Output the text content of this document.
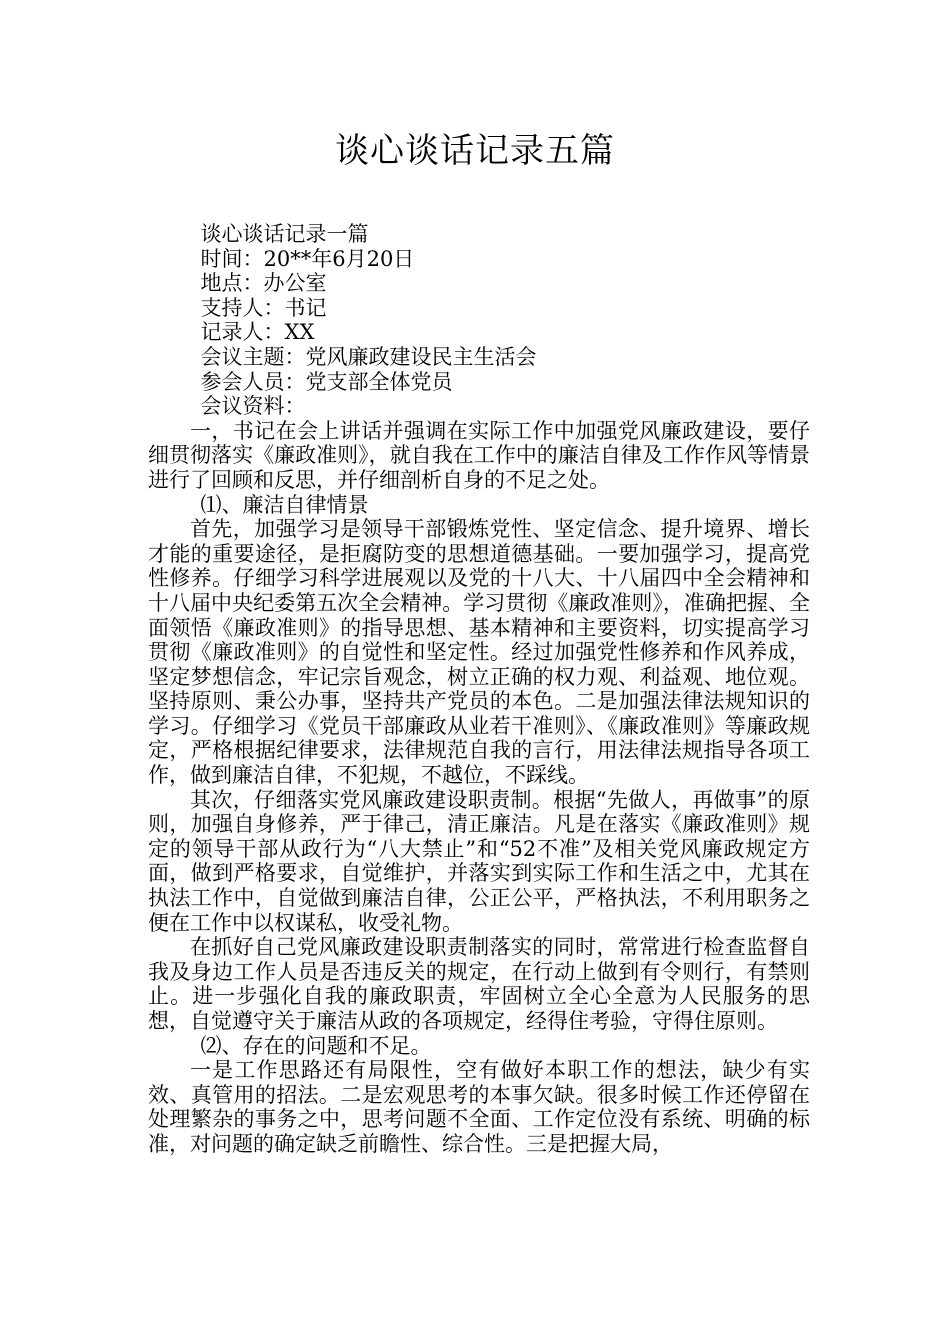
谈心谈话记录五篇

谈心谈话记录一篇

时间：20**年6月20日

地点：办公室

支持人：书记

记录人：XX

会议主题：党风廉政建设民主生活会

参会人员：党支部全体党员

会议资料：

一，书记在会上讲话并强调在实际工作中加强党风廉政建设，要仔细贯彻落实《廉政准则》，就自我在工作中的廉洁自律及工作作风等情景进行了回顾和反思，并仔细剖析自身的不足之处。

⑴、廉洁自律情景

首先，加强学习是领导干部锻炼党性、坚定信念、提升境界、增长才能的重要途径，是拒腐防变的思想道德基础。一要加强学习，提高党性修养。仔细学习科学进展观以及党的十八大、十八届四中全会精神和十八届中央纪委第五次全会精神。学习贯彻《廉政准则》，准确把握、全面领悟《廉政准则》的指导思想、基本精神和主要资料，切实提高学习贯彻《廉政准则》的自觉性和坚定性。经过加强党性修养和作风养成，坚定梦想信念，牢记宗旨观念，树立正确的权力观、利益观、地位观。坚持原则、秉公办事，坚持共产党员的本色。二是加强法律法规知识的学习。仔细学习《党员干部廉政从业若干准则》、《廉政准则》等廉政规定，严格根据纪律要求，法律规范自我的言行，用法律法规指导各项工作，做到廉洁自律，不犯规，不越位，不踩线。

其次，仔细落实党风廉政建设职责制。根据“先做人，再做事”的原则，加强自身修养，严于律己，清正廉洁。凡是在落实《廉政准则》规定的领导干部从政行为“八大禁止”和“52不准”及相关党风廉政规定方面，做到严格要求，自觉维护，并落实到实际工作和生活之中，尤其在执法工作中，自觉做到廉洁自律，公正公平，严格执法，不利用职务之便在工作中以权谋私，收受礼物。

在抓好自己党风廉政建设职责制落实的同时，常常进行检查监督自我及身边工作人员是否违反关的规定，在行动上做到有令则行，有禁则止。进一步强化自我的廉政职责，牢固树立全心全意为人民服务的思想，自觉遵守关于廉洁从政的各项规定，经得住考验，守得住原则。

⑵、存在的问题和不足。

一是工作思路还有局限性，空有做好本职工作的想法，缺少有实效、真管用的招法。二是宏观思考的本事欠缺。很多时候工作还停留在处理繁杂的事务之中，思考问题不全面、工作定位没有系统、明确的标准，对问题的确定缺乏前瞻性、综合性。三是把握大局，
